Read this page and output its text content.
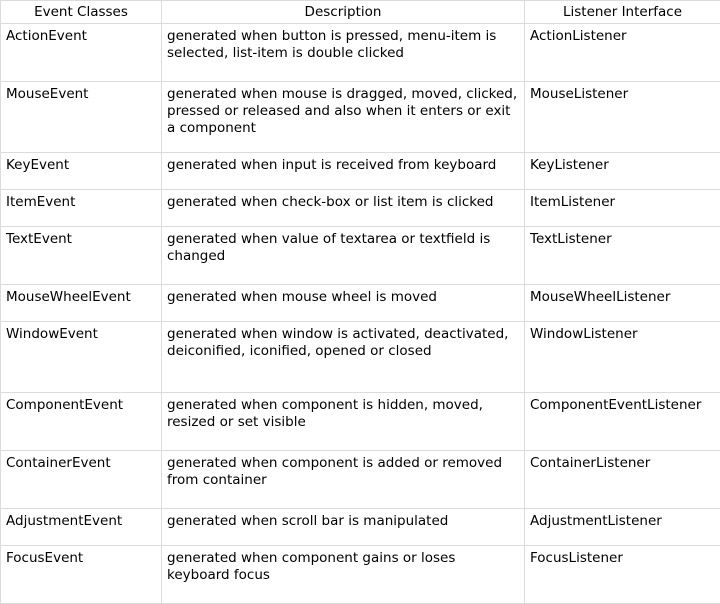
Event Classes	Description	Listener Interface
ActionEvent	generated when button is pressed, menu-item is selected, list-item is double clicked	ActionListener
MouseEvent	generated when mouse is dragged, moved, clicked, pressed or released and also when it enters or exit a component	MouseListener
KeyEvent	generated when input is received from keyboard	KeyListener
ItemEvent	generated when check-box or list item is clicked	ItemListener
TextEvent	generated when value of textarea or textfield is changed	TextListener
MouseWheelEvent	generated when mouse wheel is moved	MouseWheelListener
WindowEvent	generated when window is activated, deactivated, deiconified, iconified, opened or closed	WindowListener
ComponentEvent	generated when component is hidden, moved, resized or set visible	ComponentEventListener
ContainerEvent	generated when component is added or removed from container	ContainerListener
AdjustmentEvent	generated when scroll bar is manipulated	AdjustmentListener
FocusEvent	generated when component gains or loses keyboard focus	FocusListener
